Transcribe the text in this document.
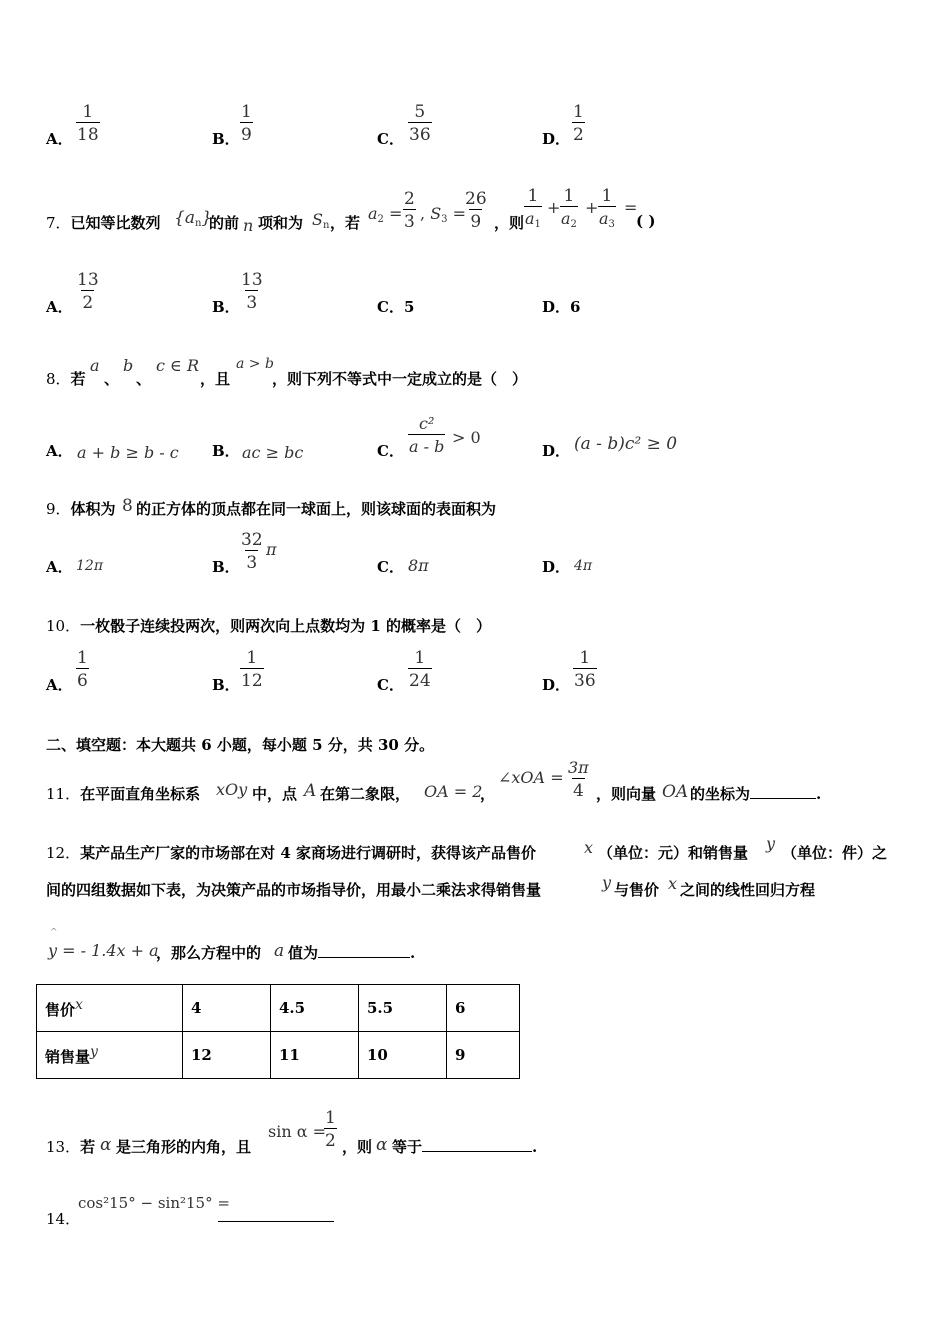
A． $\frac{1}{18}$	B． $\frac{1}{9}$	C． $\frac{5}{36}$	D． $\frac{1}{2}$
7．已知等比数列 $\{a_n\}$
的前 n 项和为 $S_n$ ，若 $a_2 = \frac{2}{3}$ , $S_3$ =
$\frac{26}{9}$ ，则 $\frac{1}{a_1} + \frac{1}{a_2} + \frac{1}{a_3}$ =
( )
A． $\frac{13}{2}$	B． $\frac{13}{3}$	C．5	D．6
8．若
a
、
b
、
c ∈ R
，且
a > b
，则下列不等式中一定成立的是（　）
A． a + b ≥ b - c B． ac ≥ bc	C． $\frac{\text{c²}}{a - b} > 0$
D． (a - b)c² ≥ 0
9．体积为 8 的正方体的顶点都在同一球面上，则该球面的表面积为
A． 12π	B． $\frac{32}{3}$ π
C． 8π	D． 4π
10．一枚骰子连续投两次，则两次向上点数均为 1 的概率是（　）
A． $\frac{1}{6}$	B． $\frac{1}{12}$	C． $\frac{1}{24}$	D． $\frac{1}{36}$
二、填空题：本大题共 6 小题，每小题 5 分，共 30 分。
11．在平面直角坐标系 xOy 中，点 A 在第二象限， OA = 2
，
∠xOA = $\frac{3\pi}{4}$ ，则向量 OA 的坐标为	.
12．某产品生产厂家的市场部在对 4 家商场进行调研时，获得该产品售价	x （单位：元）和销售量 y （单位：件）之
间的四组数据如下表，为决策产品的市场指导价，用最小二乘法求得销售量	y 与售价 x 之间的线性回归方程
^
y = - 1.4x + a
，那么方程中的 a 值为	.
售价x	4	4.5	5.5	6
销售量y	12	11	10	9
13．若 α 是三角形的内角，且
sin α =
$\frac{1}{2}$ ，则 α 等于	.
14．
cos²15° − sin²15° =
